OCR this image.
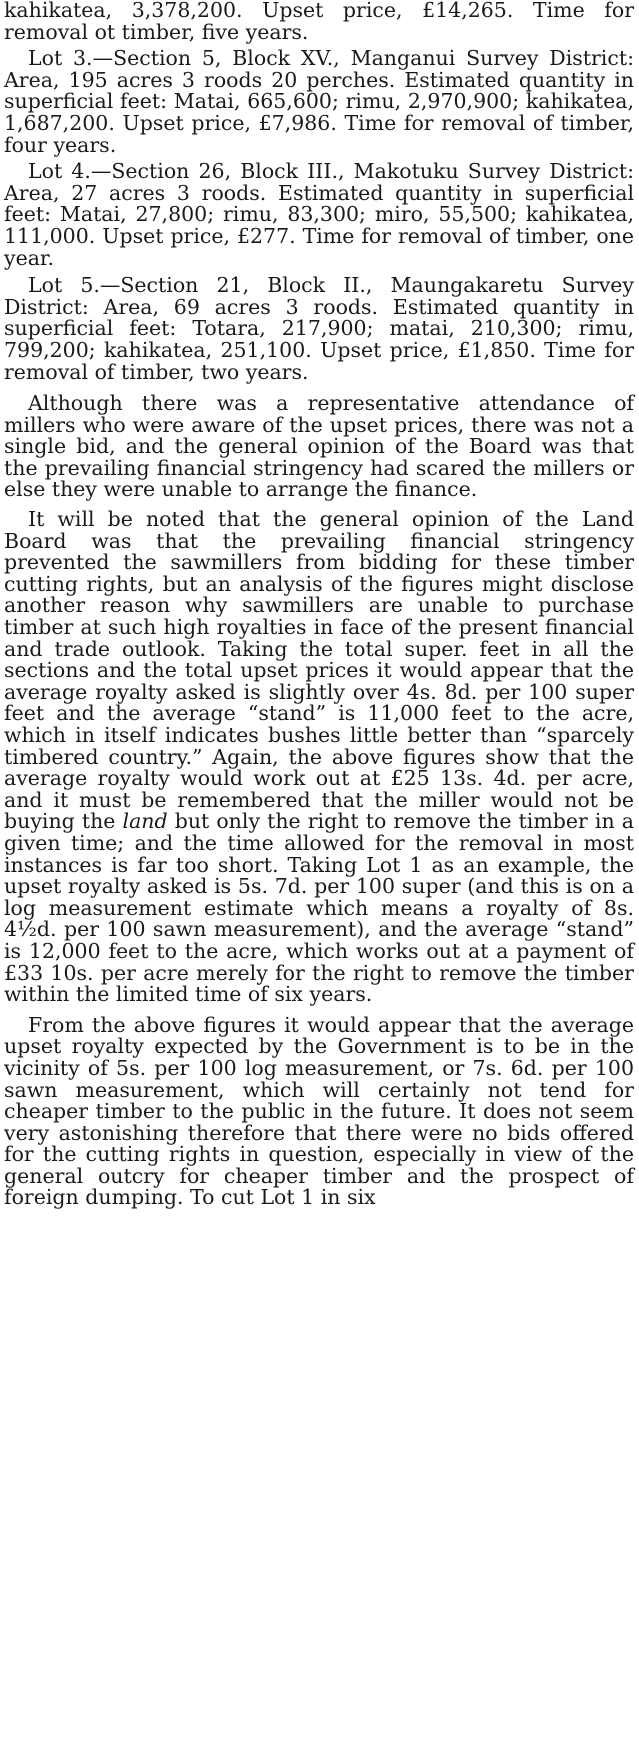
kahikatea, 3,378,200. Upset price, £14,265. Time for removal ot timber, five years.

Lot 3.—Section 5, Block XV., Manganui Survey District: Area, 195 acres 3 roods 20 perches. Estimated quantity in superficial feet: Matai, 665,600; rimu, 2,970,900; kahikatea, 1,687,200. Upset price, £7,986. Time for removal of timber, four years.

Lot 4.—Section 26, Block III., Makotuku Survey District: Area, 27 acres 3 roods. Estimated quantity in superficial feet: Matai, 27,800; rimu, 83,300; miro, 55,500; kahikatea, 111,000. Upset price, £277. Time for removal of timber, one year.

Lot 5.—Section 21, Block II., Maungakaretu Survey District: Area, 69 acres 3 roods. Estimated quantity in superficial feet: Totara, 217,900; matai, 210,300; rimu, 799,200; kahikatea, 251,100. Upset price, £1,850. Time for removal of timber, two years.

Although there was a representative attendance of millers who were aware of the upset prices, there was not a single bid, and the general opinion of the Board was that the prevailing financial stringency had scared the millers or else they were unable to arrange the finance.

It will be noted that the general opinion of the Land Board was that the prevailing financial stringency prevented the sawmillers from bidding for these timber cutting rights, but an analysis of the figures might disclose another reason why sawmillers are unable to purchase timber at such high royalties in face of the present financial and trade outlook. Taking the total super. feet in all the sections and the total upset prices it would appear that the average royalty asked is slightly over 4s. 8d. per 100 super feet and the average “stand” is 11,000 feet to the acre, which in itself indicates bushes little better than “sparcely timbered country.” Again, the above figures show that the average royalty would work out at £25 13s. 4d. per acre, and it must be remembered that the miller would not be buying the land but only the right to remove the timber in a given time; and the time allowed for the removal in most instances is far too short. Taking Lot 1 as an example, the upset royalty asked is 5s. 7d. per 100 super (and this is on a log measurement estimate which means a royalty of 8s. 4½d. per 100 sawn measurement), and the average “stand” is 12,000 feet to the acre, which works out at a payment of £33 10s. per acre merely for the right to remove the timber within the limited time of six years.

From the above figures it would appear that the average upset royalty expected by the Government is to be in the vicinity of 5s. per 100 log measurement, or 7s. 6d. per 100 sawn measurement, which will certainly not tend for cheaper timber to the public in the future. It does not seem very astonishing therefore that there were no bids offered for the cutting rights in question, especially in view of the general outcry for cheaper timber and the prospect of foreign dumping. To cut Lot 1 in six
